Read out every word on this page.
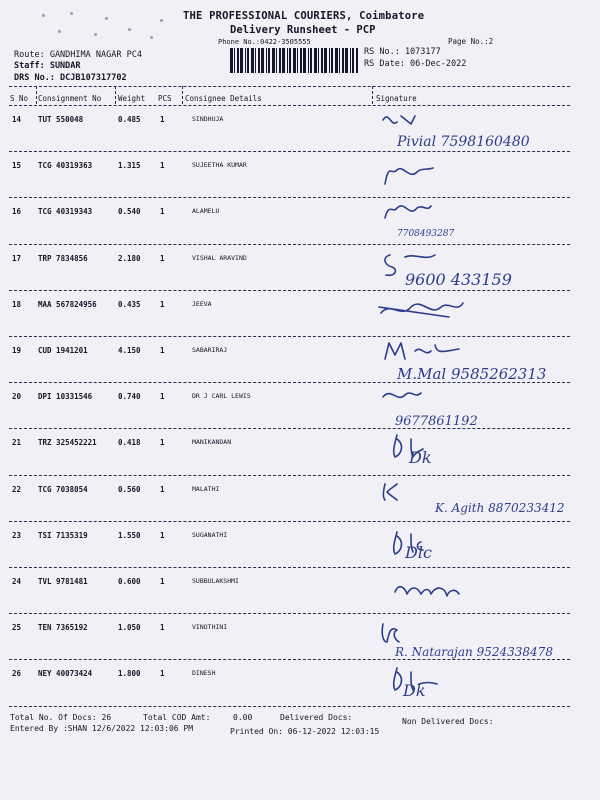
THE PROFESSIONAL COURIERS, Coimbatore
Delivery Runsheet - PCP
Phone No.:0422-3505555	Page No.:2
Route: GANDHIMA NAGAR PC4
Staff: SUNDAR
DRS No.: DCJB107317702
RS No.: 1073177
RS Date: 06-Dec-2022
S No Consignment No Weight PCS Consignee Details	Signature
14 TUT 550048	0.485	1	SINDHUJA
Pivial 7598160480
15 TCG 40319363	1.315	1	SUJEETHA KUMAR
16 TCG 40319343	0.540	1	ALAMELU
7708493287
17 TRP 7834856	2.180	1	VISHAL ARAVIND
9600 433159
18 MAA 567824956	0.435	1	JEEVA
19 CUD 1941201	4.150	1	SABARIRAJ
M.Mal 9585262313
20 DPI 10331546	0.740	1	DR J CARL LEWIS
9677861192
21 TRZ 325452221	0.418	1	MANIKANDAN
Dk
22 TCG 7038054	0.560	1	MALATHI
K. Agith 8870233412
23 TSI 7135319	1.550	1	SUGANATHI
Dlc
24 TVL 9781481	0.600	1	SUBBULAKSHMI
25 TEN 7365192	1.050	1	VINOTHINI
R. Natarajan 9524338478
26 NEY 40073424	1.800	1	DINESH
Dk
Total No. Of Docs: 26	Total COD Amt:	0.00	Delivered Docs:	Non Delivered Docs:
Entered By :SHAN 12/6/2022 12:03:06 PM	Printed On: 06-12-2022 12:03:15
